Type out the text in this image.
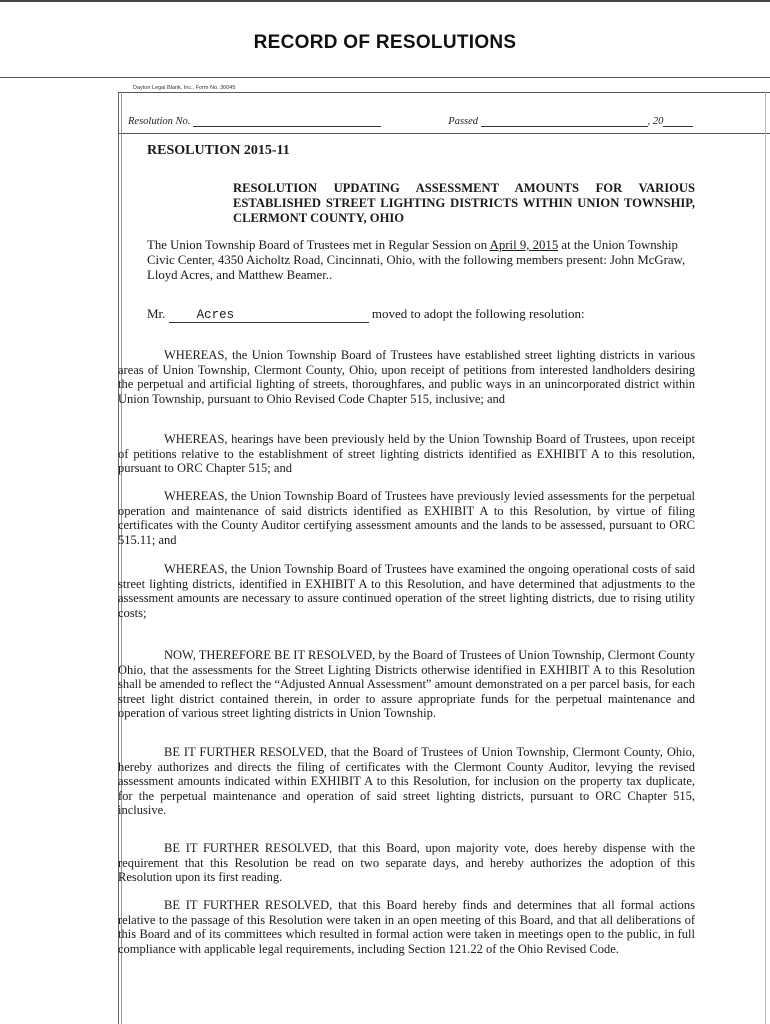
RECORD OF RESOLUTIONS
Dayton Legal Blank, Inc., Form No. 30045
Resolution No.	Passed	, 20
RESOLUTION 2015-11
RESOLUTION UPDATING ASSESSMENT AMOUNTS FOR VARIOUS ESTABLISHED STREET LIGHTING DISTRICTS WITHIN UNION TOWNSHIP, CLERMONT COUNTY, OHIO
The Union Township Board of Trustees met in Regular Session on April 9, 2015 at the Union Township Civic Center, 4350 Aicholtz Road, Cincinnati, Ohio, with the following members present: John McGraw, Lloyd Acres, and Matthew Beamer..
Mr.	Acres	moved to adopt the following resolution:
WHEREAS, the Union Township Board of Trustees have established street lighting districts in various areas of Union Township, Clermont County, Ohio, upon receipt of petitions from interested landholders desiring the perpetual and artificial lighting of streets, thoroughfares, and public ways in an unincorporated district within Union Township, pursuant to Ohio Revised Code Chapter 515, inclusive; and
WHEREAS, hearings have been previously held by the Union Township Board of Trustees, upon receipt of petitions relative to the establishment of street lighting districts identified as EXHIBIT A to this resolution, pursuant to ORC Chapter 515; and
WHEREAS, the Union Township Board of Trustees have previously levied assessments for the perpetual operation and maintenance of said districts identified as EXHIBIT A to this Resolution, by virtue of filing certificates with the County Auditor certifying assessment amounts and the lands to be assessed, pursuant to ORC 515.11; and
WHEREAS, the Union Township Board of Trustees have examined the ongoing operational costs of said street lighting districts, identified in EXHIBIT A to this Resolution, and have determined that adjustments to the assessment amounts are necessary to assure continued operation of the street lighting districts, due to rising utility costs;
NOW, THEREFORE BE IT RESOLVED, by the Board of Trustees of Union Township, Clermont County Ohio, that the assessments for the Street Lighting Districts otherwise identified in EXHIBIT A to this Resolution shall be amended to reflect the “Adjusted Annual Assessment” amount demonstrated on a per parcel basis, for each street light district contained therein, in order to assure appropriate funds for the perpetual maintenance and operation of various street lighting districts in Union Township.
BE IT FURTHER RESOLVED, that the Board of Trustees of Union Township, Clermont County, Ohio, hereby authorizes and directs the filing of certificates with the Clermont County Auditor, levying the revised assessment amounts indicated within EXHIBIT A to this Resolution, for inclusion on the property tax duplicate, for the perpetual maintenance and operation of said street lighting districts, pursuant to ORC Chapter 515, inclusive.
BE IT FURTHER RESOLVED, that this Board, upon majority vote, does hereby dispense with the requirement that this Resolution be read on two separate days, and hereby authorizes the adoption of this Resolution upon its first reading.
BE IT FURTHER RESOLVED, that this Board hereby finds and determines that all formal actions relative to the passage of this Resolution were taken in an open meeting of this Board, and that all deliberations of this Board and of its committees which resulted in formal action were taken in meetings open to the public, in full compliance with applicable legal requirements, including Section 121.22 of the Ohio Revised Code.
